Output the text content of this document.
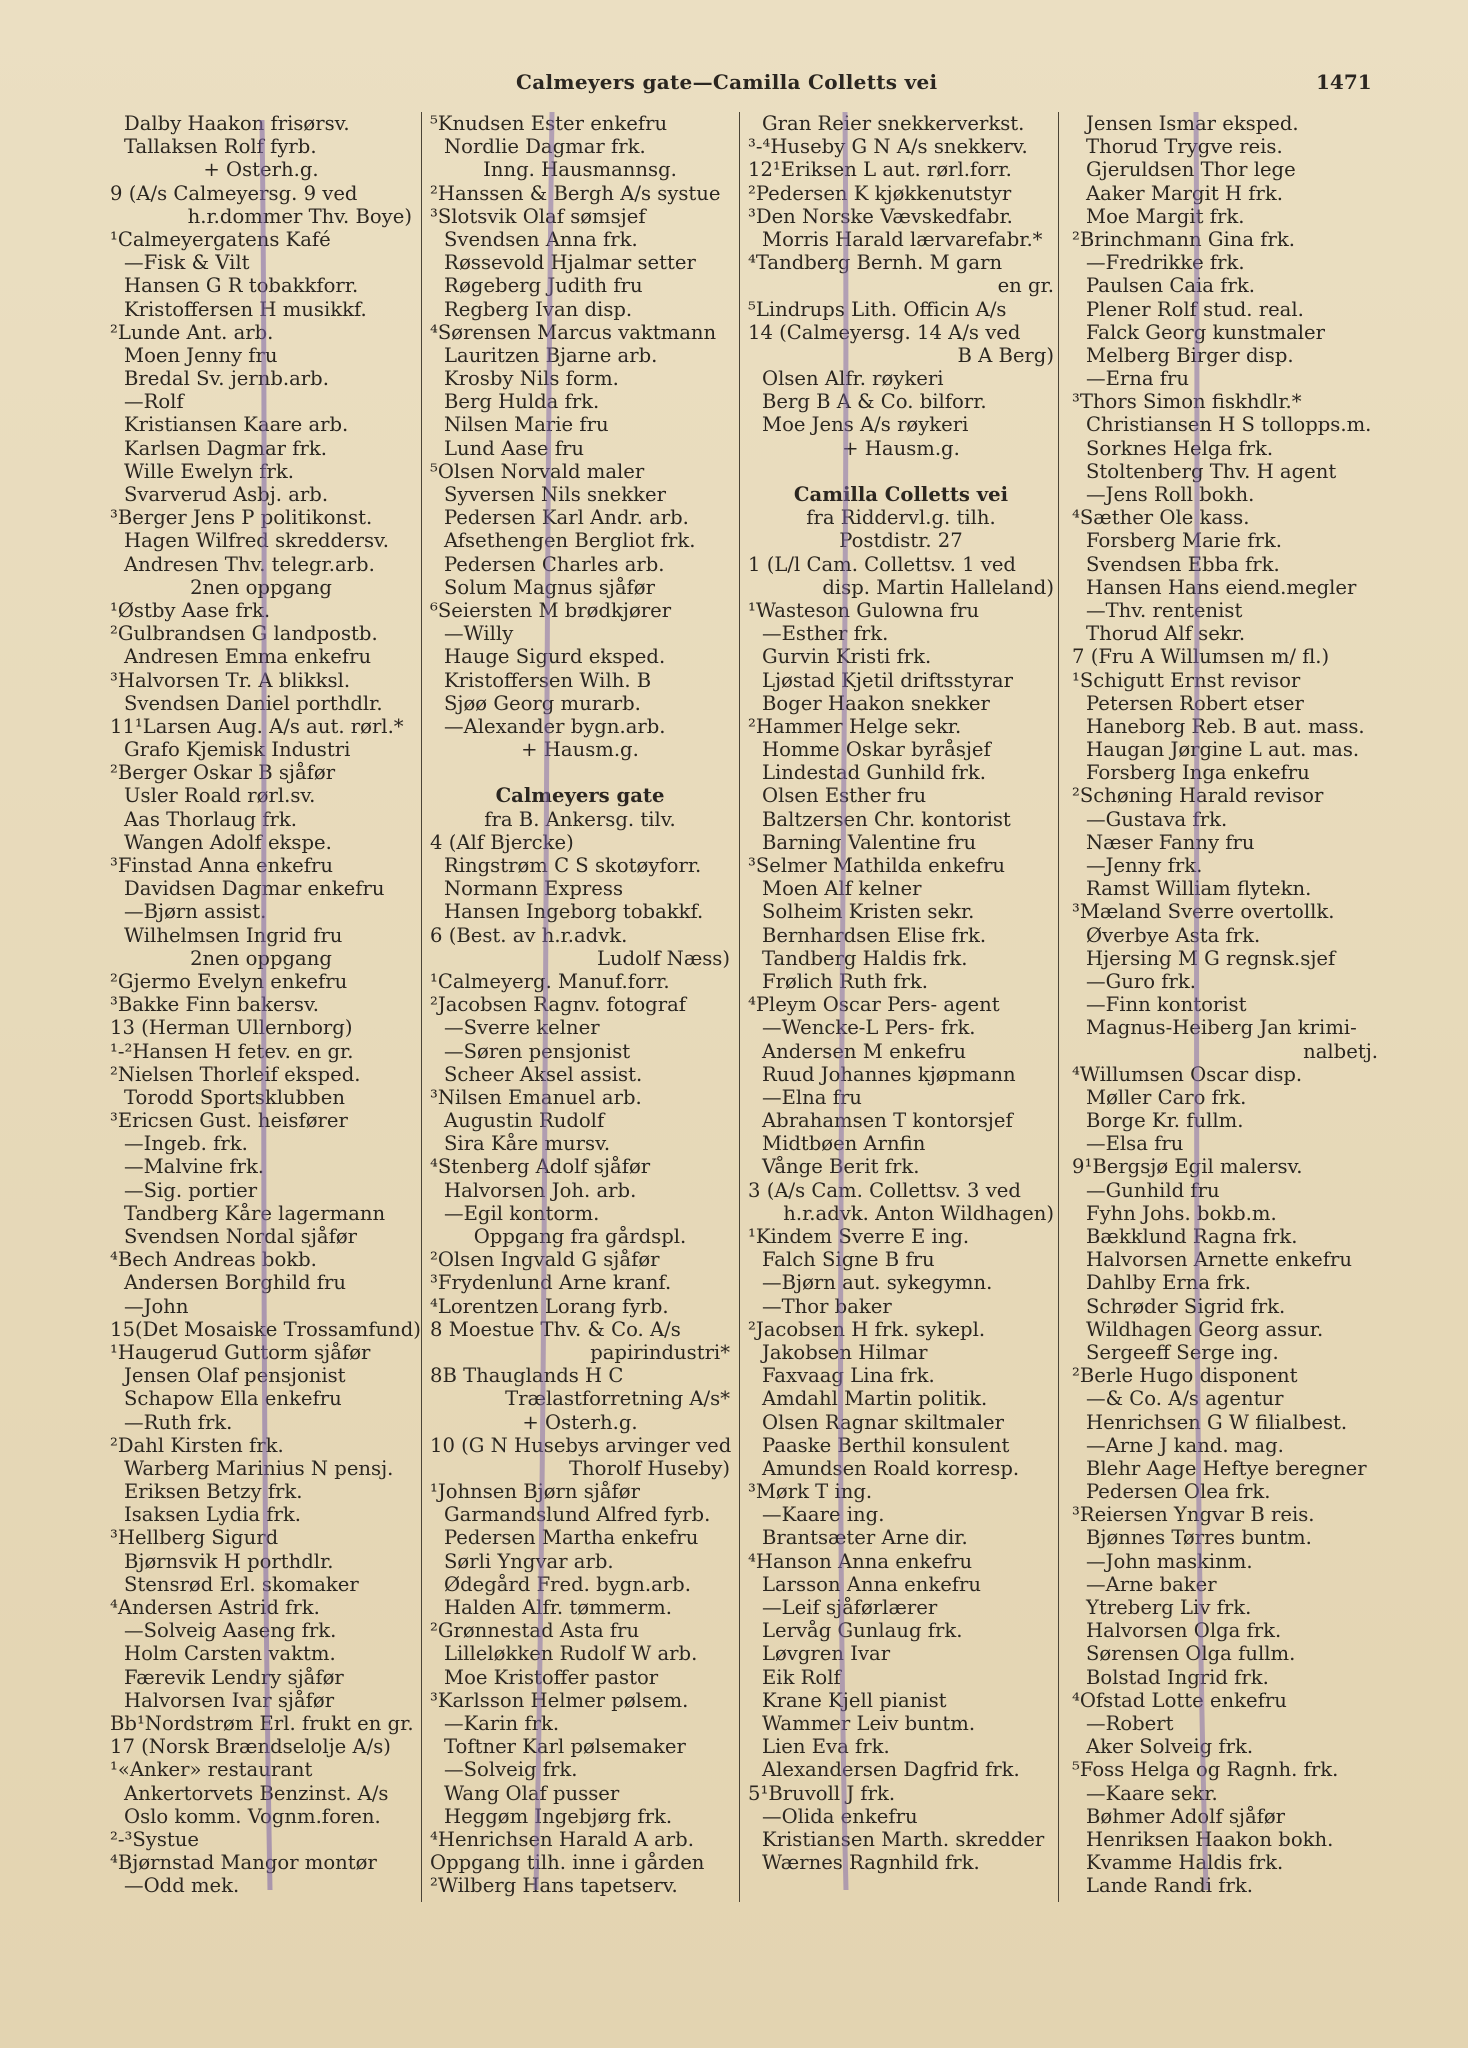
Calmeyers gate—Camilla Colletts vei	1471
Dalby Haakon frisørsv.
Tallaksen Rolf fyrb.
+ Osterh.g.
9 (A/s Calmeyersg. 9 ved
h.r.dommer Thv. Boye)
¹Calmeyergatens Kafé
—Fisk & Vilt
Hansen G R tobakkforr.
Kristoffersen H musikkf.
²Lunde Ant. arb.
Moen Jenny fru
Bredal Sv. jernb.arb.
—Rolf
Kristiansen Kaare arb.
Karlsen Dagmar frk.
Wille Ewelyn frk.
Svarverud Asbj. arb.
³Berger Jens P politikonst.
Hagen Wilfred skreddersv.
Andresen Thv. telegr.arb.
2nen oppgang
¹Østby Aase frk.
²Gulbrandsen G landpostb.
Andresen Emma enkefru
³Halvorsen Tr. A blikksl.
Svendsen Daniel porthdlr.
11¹Larsen Aug. A/s aut. rørl.*
Grafo Kjemisk Industri
²Berger Oskar B sjåfør
Usler Roald rørl.sv.
Aas Thorlaug frk.
Wangen Adolf ekspe.
³Finstad Anna enkefru
Davidsen Dagmar enkefru
—Bjørn assist.
Wilhelmsen Ingrid fru
2nen oppgang
²Gjermo Evelyn enkefru
³Bakke Finn bakersv.
13 (Herman Ullernborg)
¹-²Hansen H fetev. en gr.
²Nielsen Thorleif eksped.
Torodd Sportsklubben
³Ericsen Gust. heisfører
—Ingeb. frk.
—Malvine frk.
—Sig. portier
Tandberg Kåre lagermann
Svendsen Nordal sjåfør
⁴Bech Andreas bokb.
Andersen Borghild fru
—John
15(Det Mosaiske Trossamfund)
¹Haugerud Guttorm sjåfør
Jensen Olaf pensjonist
Schapow Ella enkefru
—Ruth frk.
²Dahl Kirsten frk.
Warberg Marinius N pensj.
Eriksen Betzy frk.
Isaksen Lydia frk.
³Hellberg Sigurd
Bjørnsvik H porthdlr.
Stensrød Erl. skomaker
⁴Andersen Astrid frk.
—Solveig Aaseng frk.
Holm Carsten vaktm.
Færevik Lendry sjåfør
Halvorsen Ivar sjåfør
Bb¹Nordstrøm Erl. frukt en gr.
17 (Norsk Brændselolje A/s)
¹«Anker» restaurant
Ankertorvets Benzinst. A/s
Oslo komm. Vognm.foren.
²-³Systue
⁴Bjørnstad Mangor montør
—Odd mek.
⁵Knudsen Ester enkefru
Nordlie Dagmar frk.
Inng. Hausmannsg.
²Hanssen & Bergh A/s systue
³Slotsvik Olaf sømsjef
Svendsen Anna frk.
Røssevold Hjalmar setter
Røgeberg Judith fru
Regberg Ivan disp.
⁴Sørensen Marcus vaktmann
Lauritzen Bjarne arb.
Krosby Nils form.
Berg Hulda frk.
Nilsen Marie fru
Lund Aase fru
⁵Olsen Norvald maler
Syversen Nils snekker
Pedersen Karl Andr. arb.
Afsethengen Bergliot frk.
Pedersen Charles arb.
Solum Magnus sjåfør
⁶Seiersten M brødkjører
—Willy
Hauge Sigurd eksped.
Kristoffersen Wilh. B
Sjøø Georg murarb.
—Alexander bygn.arb.
+ Hausm.g.
Calmeyers gate
fra B. Ankersg. tilv.
4 (Alf Bjercke)
Ringstrøm C S skotøyforr.
Normann Express
Hansen Ingeborg tobakkf.
6 (Best. av h.r.advk.
Ludolf Næss)
¹Calmeyerg. Manuf.forr.
²Jacobsen Ragnv. fotograf
—Sverre kelner
—Søren pensjonist
Scheer Aksel assist.
³Nilsen Emanuel arb.
Augustin Rudolf
Sira Kåre mursv.
⁴Stenberg Adolf sjåfør
Halvorsen Joh. arb.
—Egil kontorm.
Oppgang fra gårdspl.
²Olsen Ingvald G sjåfør
³Frydenlund Arne kranf.
⁴Lorentzen Lorang fyrb.
8 Moestue Thv. & Co. A/s
papirindustri*
8B Thauglands H C
Trælastforretning A/s*
+ Osterh.g.
10 (G N Husebys arvinger ved
Thorolf Huseby)
¹Johnsen Bjørn sjåfør
Garmandslund Alfred fyrb.
Pedersen Martha enkefru
Sørli Yngvar arb.
Ødegård Fred. bygn.arb.
Halden Alfr. tømmerm.
²Grønnestad Asta fru
Lilleløkken Rudolf W arb.
Moe Kristoffer pastor
³Karlsson Helmer pølsem.
—Karin frk.
Toftner Karl pølsemaker
—Solveig frk.
Wang Olaf pusser
Heggøm Ingebjørg frk.
⁴Henrichsen Harald A arb.
Oppgang tilh. inne i gården
²Wilberg Hans tapetserv.
Gran Reier snekkerverkst.
³-⁴Huseby G N A/s snekkerv.
12¹Eriksen L aut. rørl.forr.
²Pedersen K kjøkkenutstyr
³Den Norske Vævskedfabr.
Morris Harald lærvarefabr.*
⁴Tandberg Bernh. M garn
en gr.
⁵Lindrups Lith. Officin A/s
14 (Calmeyersg. 14 A/s ved
B A Berg)
Olsen Alfr. røykeri
Berg B A & Co. bilforr.
Moe Jens A/s røykeri
+ Hausm.g.
Camilla Colletts vei
fra Riddervl.g. tilh.
Postdistr. 27
1 (L/l Cam. Collettsv. 1 ved
disp. Martin Halleland)
¹Wasteson Gulowna fru
—Esther frk.
Gurvin Kristi frk.
Ljøstad Kjetil driftsstyrar
Boger Haakon snekker
²Hammer Helge sekr.
Homme Oskar byråsjef
Lindestad Gunhild frk.
Olsen Esther fru
Baltzersen Chr. kontorist
Barning Valentine fru
³Selmer Mathilda enkefru
Moen Alf kelner
Solheim Kristen sekr.
Bernhardsen Elise frk.
Tandberg Haldis frk.
Frølich Ruth frk.
⁴Pleym Oscar Pers- agent
—Wencke-L Pers- frk.
Andersen M enkefru
Ruud Johannes kjøpmann
—Elna fru
Abrahamsen T kontorsjef
Midtbøen Arnfin
Vånge Berit frk.
3 (A/s Cam. Collettsv. 3 ved
h.r.advk. Anton Wildhagen)
¹Kindem Sverre E ing.
Falch Signe B fru
—Bjørn aut. sykegymn.
—Thor baker
²Jacobsen H frk. sykepl.
Jakobsen Hilmar
Faxvaag Lina frk.
Amdahl Martin politik.
Olsen Ragnar skiltmaler
Paaske Berthil konsulent
Amundsen Roald korresp.
³Mørk T ing.
—Kaare ing.
Brantsæter Arne dir.
⁴Hanson Anna enkefru
Larsson Anna enkefru
—Leif sjåførlærer
Lervåg Gunlaug frk.
Løvgren Ivar
Eik Rolf
Krane Kjell pianist
Wammer Leiv buntm.
Lien Eva frk.
Alexandersen Dagfrid frk.
5¹Bruvoll J frk.
—Olida enkefru
Kristiansen Marth. skredder
Wærnes Ragnhild frk.
Jensen Ismar eksped.
Thorud Trygve reis.
Gjeruldsen Thor lege
Aaker Margit H frk.
Moe Margit frk.
²Brinchmann Gina frk.
—Fredrikke frk.
Paulsen Caia frk.
Plener Rolf stud. real.
Falck Georg kunstmaler
Melberg Birger disp.
—Erna fru
³Thors Simon fiskhdlr.*
Christiansen H S tollopps.m.
Sorknes Helga frk.
Stoltenberg Thv. H agent
—Jens Roll bokh.
⁴Sæther Ole kass.
Forsberg Marie frk.
Svendsen Ebba frk.
Hansen Hans eiend.megler
—Thv. rentenist
Thorud Alf sekr.
7 (Fru A Willumsen m/ fl.)
¹Schigutt Ernst revisor
Petersen Robert etser
Haneborg Reb. B aut. mass.
Haugan Jørgine L aut. mas.
Forsberg Inga enkefru
²Schøning Harald revisor
—Gustava frk.
Næser Fanny fru
—Jenny frk.
Ramst William flytekn.
³Mæland Sverre overtollk.
Øverbye Asta frk.
Hjersing M G regnsk.sjef
—Guro frk.
—Finn kontorist
Magnus-Heiberg Jan krimi-
nalbetj.
⁴Willumsen Oscar disp.
Møller Caro frk.
Borge Kr. fullm.
—Elsa fru
9¹Bergsjø Egil malersv.
—Gunhild fru
Fyhn Johs. bokb.m.
Bækklund Ragna frk.
Halvorsen Arnette enkefru
Dahlby Erna frk.
Schrøder Sigrid frk.
Wildhagen Georg assur.
Sergeeff Serge ing.
²Berle Hugo disponent
—& Co. A/s agentur
Henrichsen G W filialbest.
—Arne J kand. mag.
Blehr Aage Heftye beregner
Pedersen Olea frk.
³Reiersen Yngvar B reis.
Bjønnes Tørres buntm.
—John maskinm.
—Arne baker
Ytreberg Liv frk.
Halvorsen Olga frk.
Sørensen Olga fullm.
Bolstad Ingrid frk.
⁴Ofstad Lotte enkefru
—Robert
Aker Solveig frk.
⁵Foss Helga og Ragnh. frk.
—Kaare sekr.
Bøhmer Adolf sjåfør
Henriksen Haakon bokh.
Kvamme Haldis frk.
Lande Randi frk.
